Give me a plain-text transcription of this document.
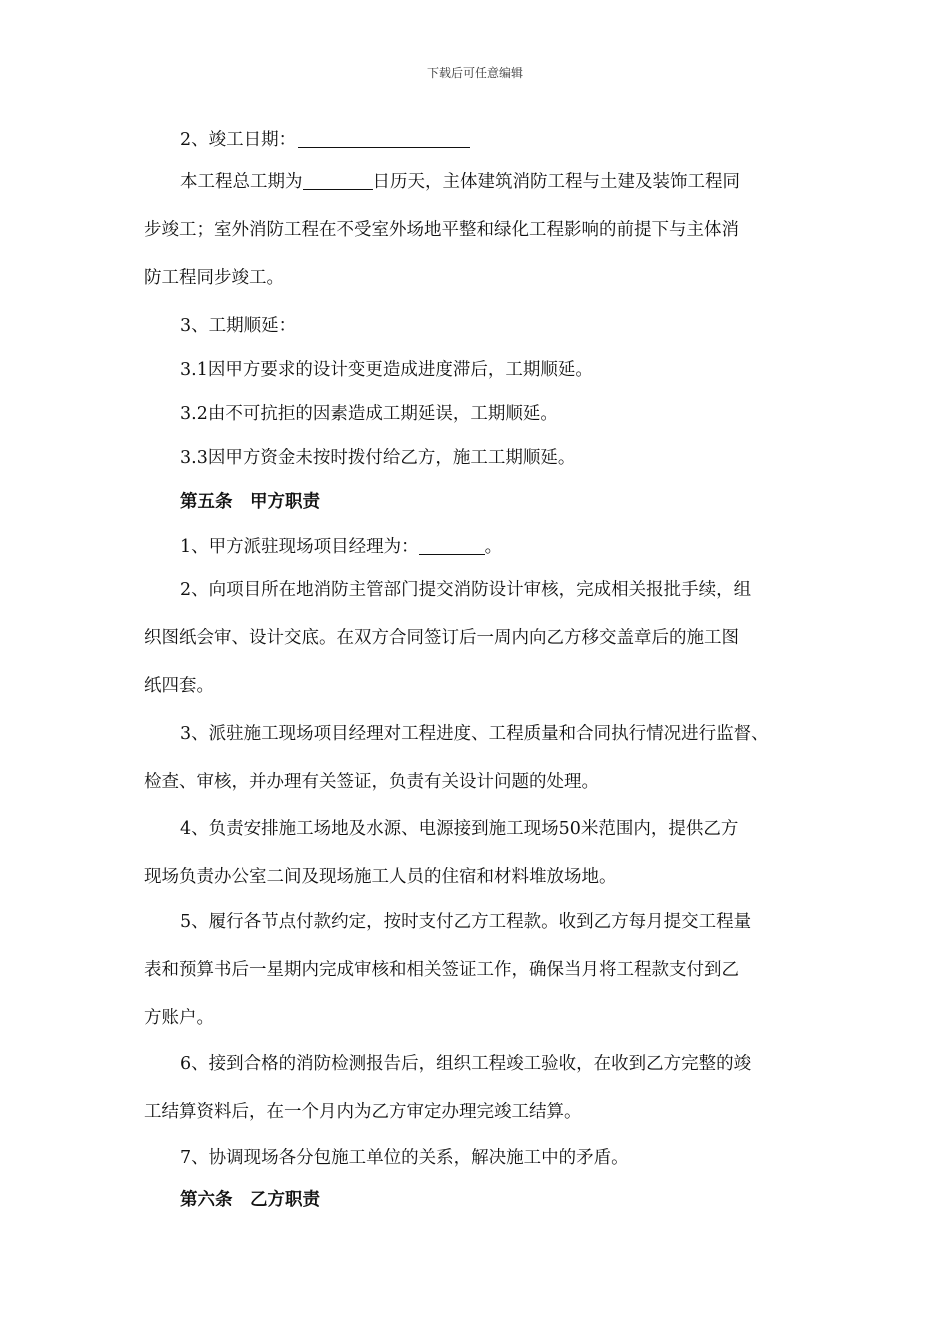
下载后可任意编辑
2、竣工日期：
本工程总工期为	日历天，主体建筑消防工程与土建及装饰工程同
步竣工；室外消防工程在不受室外场地平整和绿化工程影响的前提下与主体消
防工程同步竣工。
3、工期顺延：
3.1因甲方要求的设计变更造成进度滞后，工期顺延。
3.2由不可抗拒的因素造成工期延误，工期顺延。
3.3因甲方资金未按时拨付给乙方，施工工期顺延。
第五条　甲方职责
1、甲方派驻现场项目经理为：	。
2、向项目所在地消防主管部门提交消防设计审核，完成相关报批手续，组
织图纸会审、设计交底。在双方合同签订后一周内向乙方移交盖章后的施工图
纸四套。
3、派驻施工现场项目经理对工程进度、工程质量和合同执行情况进行监督、
检查、审核，并办理有关签证，负责有关设计问题的处理。
4、负责安排施工场地及水源、电源接到施工现场50米范围内，提供乙方
现场负责办公室二间及现场施工人员的住宿和材料堆放场地。
5、履行各节点付款约定，按时支付乙方工程款。收到乙方每月提交工程量
表和预算书后一星期内完成审核和相关签证工作，确保当月将工程款支付到乙
方账户。
6、接到合格的消防检测报告后，组织工程竣工验收，在收到乙方完整的竣
工结算资料后，在一个月内为乙方审定办理完竣工结算。
7、协调现场各分包施工单位的关系，解决施工中的矛盾。
第六条　乙方职责
